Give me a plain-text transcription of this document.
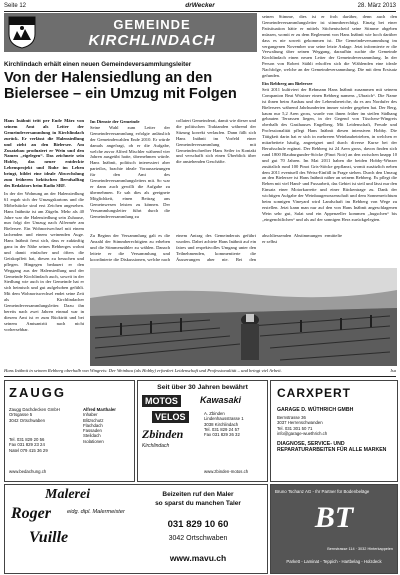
Seite 12	drWecker	28. März 2013
GEMEINDE
KIRCHLINDACH
Kirchlindach erhält einen neuen Gemeindeversammlungsleiter
Von der Halensiedlung an den Bielersee – ein Umzug mit Folgen

Hans Inäbnit tritt per Ende März von seinem Amt als Leiter der Gemeindeversammlung in Kirchlindach zurück. Er verlässt die Halensiedlung und zieht an den Bielersee. Am Zusatzbau produziert er Wein und den Namen „eigelegen“. Das zeichnete sein Hobby, das neuer entdeckte Lebensprojekt und Ruhe im Leben bringt, bildet eine ideale Abwechslung zum früheren hektischen Berufsalltag des Redaktors beim Radio SRF.

In der der Wohnung an der Halensiedlung 61 ergab sich der Umzugskartons und die Möbelstücke sind erst Zeichen angesehen. Hans Inäbnitz ist am Zügeln. Mehr als 40 Jahre war die Halensiedlung sein Zuhause, nun folgt der Umzug nach Alfermée am Bielersee. Ein Wohnortwechsel mit einem lachenden und einem weinenden Auge. Hans Inäbnit freut sich, dass er zukünftig ganz in der Nähe seines Rebberges wohnt und damit einfacher und öfters die Geiskopffett hat, diesen zu besuchen und pflegen. Hingegen bedauert er den Weggang aus der Halensiedlung und der Gemeinde Kirchlindach auch, soweit in der Siedlung wie auch in der Gemeinde hat er sich heimisch und gut aufgehoben gefühlt. Mit dem Wohnortswechsel endet seine Zeit als Kirchlindacher Gemeindeversammlungsleiter. Dazu ihn bereits nach zwei Jahren einmal war in diesem Amt ist er zum Rücktritt und bei seinem Amtsantritt nach nicht vorhersehbar.

Im Dienste der Gemeinde

Seine Wahl zum Leiter der Gemeindeversammlung erfolgte anlässlich der Gemeindewahlen Ende 2010. Er würde damals angefragt, ob er die Aufgabe, welche zuvor Alfred Mischler während vier Jahren ausgeübt hatte, übernehmen würde. Hans Inäbnit, politisch interessiert aber parteilos, brachte ideale Voraussetzungen für den Amt des Gemeindeversammlungsleiters mit. So war er dann auch gewillt die Aufgabe zu übernehmen. Er sah dies als geeignete Möglichkeit, einen Beitrag ans Gemeinwesen leisten zu können. Der Versammlungsleiter führt durch die Gemeindeversammlung zu

collatert Gemeinderat, damit wie dieser und die politischen Traktanden während der Sitzung korrekt verlaufen. Dann fällt sich Hans Inäbnit im Vorfeld einer Gemeindeversammlung mit Gemeindeschreiber Hans Seiler in Kontakt und verschafft sich einen Überblick über die anstehenden Geschäfte.

Zu Beginn der Versammlung galt es die Anzahl der Stimmberechtigten zu erheben und die Stimmenzähler zu wählen. Danach leitete er die Versammlung und koordinierte die Diskussionen, welche nach einem Antrag des Gemeinderats geführt wurden. Dabei achtete Hans Inäbnit auf ein faires und respektvolles Umgang unter den Teilnehmenden, kommentierte die Äusserungen aber nie. Bei den abschliessenden Abstimmungen ermittelte er selbst

seinen Stimme, dies ist er froh darüber, denn auch den Gemeindeversammlungsleiter ist stimmberechtigt. Einzig bei einer Pattsituation hätte er mittels Stichentscheid seine Stimme abgeben müssen, womit er zu dem Reglement von Hans Inäbnit wie hoch darüber dass es nie soweit gekommen ist. Die Gemeindeversammlung im vergangenen November war seine letzte Anlage. Jetzt informierte er die Verwaltung über seinen Weggang, daraufhin suchte die Gemeinde Kirchlindach einen neuen Leiter der Gemeindeversammlung. In der Person von Robert Stähli erhoffen sich die Wählenden eine ideale Nachfolge, welche an der Gemeindeversammlung. Die mit dem Erstsatz gefunden.

Ein Rebberg am Bielersee

Seit 2011 kultiviert der Rebmann Hans Inäbnit zusammen mit seinem Companion Beat Wüstner einen Rebberg namens „Ubraich“. Die Name ist ihnen beim Ausbau und der Lebensbereiche, da es am Nordufer des Bielersees während Jahrhunderten immer wieder gegeben hat. Der Berg, kaum nur 5,2 Aren gross, wurde von ihnen früher im steilen Südhang gebauten Terrassen liegen, in der Gegend von Tüscherz-Wingreis oberhalb des Gasthauses Engelberg. Mit Leidenschaft, Freude und Professionalität pflegt Hans Inäbnit diesen intensiven Hobby. Die Tätigkeit darin hat er sich in mehreren Weinbaubetrieben, in welchen er mitarbeitete häufig, angeeignet und durch diverse Kurse bei der Berufsschule ergänzt. Der Rebberg ist 24 Aren gross, davon finden sich rund 1800 Blauburgunder-Stöcke (Pinot Noir) an den zwischen knapp 10 und gut 70 Jahren. Im Mai 2011 haben die beiden Hobby-Winzer zusätzlich rund 100 Pinot Gris-Stöcke gepflanzt, womit zusätzlich neben dem 2011 eventuell des Weiss-Einfäll in Frage stehen. Durch den Umzug an den Bielersee ist Hans Inäbnit näher an seinem Rebberg. Es pflegt die Reben mit viel Hand- und Fussarbeit, das Gebiet ist steil und lässt nur den Einsatz einer Motorkarrette und einer Rückentrage zu. Dank der wichtigen Aufgabe der Weinbaugenossenschaft und dem Sonnenreichtum beim sonnigen Vineyard wird Landschaft im Rebberg von Wege zu erstellen. Jetzt kann man nur auf den von Hans Inäbnit angeschlagenen Wein sehr gut, Salat und ein Appenzeller kommen „hugschen“ bis „eingenchtlichen“ und als auf der sonnigen Herz zurückgelegten.

Hans Inäbnit in seinem Rebberg oberhalb von Wingreis: Der Weinbau (als Hobby) erfordert Leidenschaft und Professionalität – und bringt viel Arbeit.	Isa
ZAUGG
Zaugg Dachdecken GmbH
Ortsgasse 5
3042 Ortschwaben
Alfred Marthaler
Inhaber
Blitzschutz
Flachdach
Fassaden
Steildach
Isolationen
Tel. 031 829 20 56
Fax 031 829 23 24
Natel 079 415 36 29
www.bedachung.ch
Seit über 30 Jahren bewährt
MOTOS	Kawasaki
VELOS
Zbinden
Kirchlindach
A. Zbinden
Lindenhausstrasse 1
3038 Kirchlindach
Tel. 031 829 24 57
Fax 031 829 26 32
www.zbinden-motos.ch
CARXPERT
GARAGE D. WÜTHRICH GMBH
Bernstrasse 36
3037 Herrenschwanden
Tel. 031 301 50 71
info@garage-wuethrich.ch
DIAGNOSE, SERVICE- UND REPARATURARBEITEN FÜR ALLE MARKEN
Malerei
Roger
Vuille
eidg. dipl. Malermeister
Beizeiten ruf den Maler
so sparst du manchen Taler
031 829 10 60
3042 Ortschwaben
www.mavu.ch
Bruno Tschanz AG - Ihr Partner für Bodenbeläge
BT
Bernstrasse 114 · 3032 Hinterkappelen
Parkett - Laminat - Teppich - Hartbelag - Holzdeck
